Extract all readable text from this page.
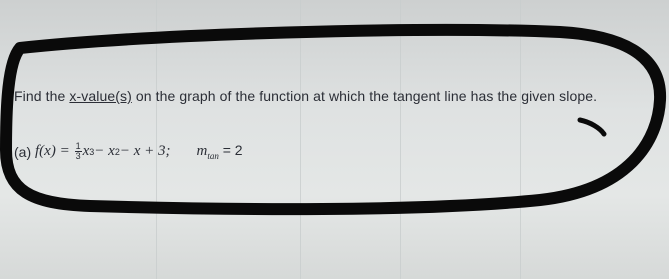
Find the x-value(s) on the graph of the function at which the tangent line has the given slope.
(a)
f(x) =
$\frac{1}{3}$ x 3 − x 2 − x + 3; $m_{tan} = 2$
